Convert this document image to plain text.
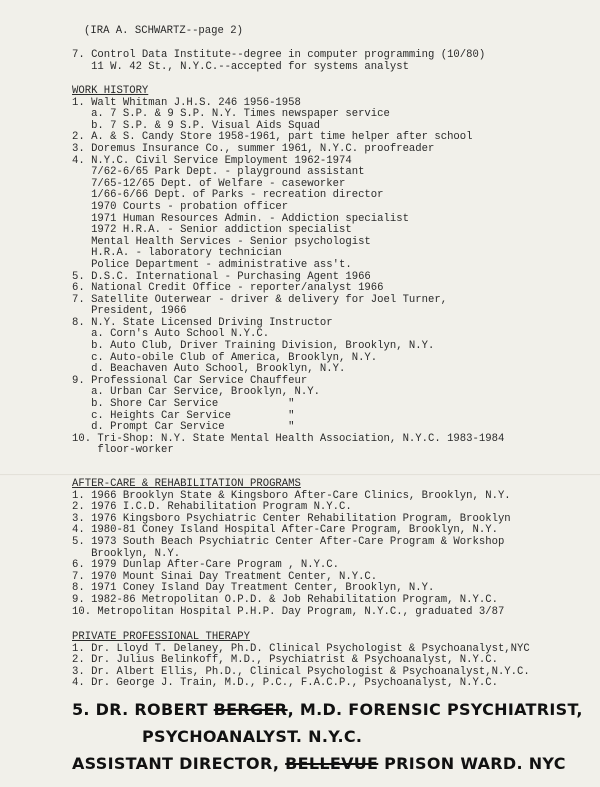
(IRA A. SCHWARTZ--page 2)
7. Control Data Institute--degree in computer programming (10/80)
11 W. 42 St., N.Y.C.--accepted for systems analyst
WORK HISTORY
1. Walt Whitman J.H.S. 246 1956-1958
a. 7 S.P. & 9 S.P. N.Y. Times newspaper service
b. 7 S.P. & 9 S.P. Visual Aids Squad
2. A. & S. Candy Store 1958-1961, part time helper after school
3. Doremus Insurance Co., summer 1961, N.Y.C. proofreader
4. N.Y.C. Civil Service Employment 1962-1974
7/62-6/65 Park Dept. - playground assistant
7/65-12/65 Dept. of Welfare - caseworker
1/66-6/66 Dept. of Parks - recreation director
1970 Courts - probation officer
1971 Human Resources Admin. - Addiction specialist
1972 H.R.A. - Senior addiction specialist
Mental Health Services - Senior psychologist
H.R.A. - laboratory technician
Police Department - administrative ass't.
5. D.S.C. International - Purchasing Agent 1966
6. National Credit Office - reporter/analyst 1966
7. Satellite Outerwear - driver & delivery for Joel Turner,
President, 1966
8. N.Y. State Licensed Driving Instructor
a. Corn's Auto School N.Y.C.
b. Auto Club, Driver Training Division, Brooklyn, N.Y.
c. Auto-obile Club of America, Brooklyn, N.Y.
d. Beachaven Auto School, Brooklyn, N.Y.
9. Professional Car Service Chauffeur
a. Urban Car Service, Brooklyn, N.Y.
b. Shore Car Service           "
c. Heights Car Service         "
d. Prompt Car Service          "
10. Tri-Shop: N.Y. State Mental Health Association, N.Y.C. 1983-1984
floor-worker
AFTER-CARE & REHABILITATION PROGRAMS
1. 1966 Brooklyn State & Kingsboro After-Care Clinics, Brooklyn, N.Y.
2. 1976 I.C.D. Rehabilitation Program N.Y.C.
3. 1976 Kingsboro Psychiatric Center Rehabilitation Program, Brooklyn
4. 1980-81 Coney Island Hospital After-Care Program, Brooklyn, N.Y.
5. 1973 South Beach Psychiatric Center After-Care Program & Workshop
Brooklyn, N.Y.
6. 1979 Dunlap After-Care Program , N.Y.C.
7. 1970 Mount Sinai Day Treatment Center, N.Y.C.
8. 1971 Coney Island Day Treatment Center, Brooklyn, N.Y.
9. 1982-86 Metropolitan O.P.D. & Job Rehabilitation Program, N.Y.C.
10. Metropolitan Hospital P.H.P. Day Program, N.Y.C., graduated 3/87
PRIVATE PROFESSIONAL THERAPY
1. Dr. Lloyd T. Delaney, Ph.D. Clinical Psychologist & Psychoanalyst,NYC
2. Dr. Julius Belinkoff, M.D., Psychiatrist & Psychoanalyst, N.Y.C.
3. Dr. Albert Ellis, Ph.D., Clinical Psychologist & Psychoanalyst,N.Y.C.
4. Dr. George J. Train, M.D., P.C., F.A.C.P., Psychoanalyst, N.Y.C.
5. DR. ROBERT BERGER, M.D. FORENSIC PSYCHIATRIST,
PSYCHOANALYST. N.Y.C.
ASSISTANT DIRECTOR, BELLEVUE PRISON WARD. NYC
